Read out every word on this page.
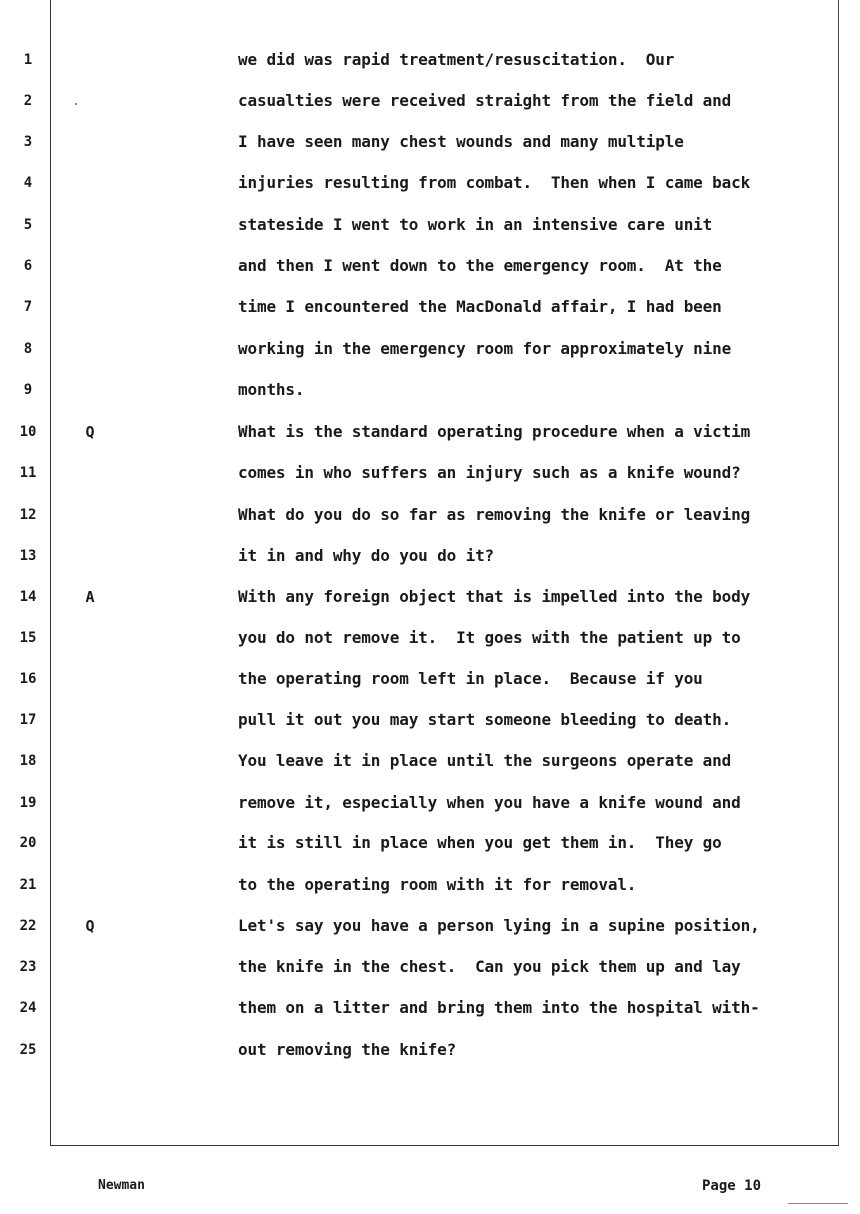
1	we did was rapid treatment/resuscitation.  Our
2	casualties were received straight from the field and
3	I have seen many chest wounds and many multiple
4	injuries resulting from combat.  Then when I came back
5	stateside I went to work in an intensive care unit
6	and then I went down to the emergency room.  At the
7	time I encountered the MacDonald affair, I had been
8	working in the emergency room for approximately nine
9	months.
10	Q	What is the standard operating procedure when a victim
11	comes in who suffers an injury such as a knife wound?
12	What do you do so far as removing the knife or leaving
13	it in and why do you do it?
14	A	With any foreign object that is impelled into the body
15	you do not remove it.  It goes with the patient up to
16	the operating room left in place.  Because if you
17	pull it out you may start someone bleeding to death.
18	You leave it in place until the surgeons operate and
19	remove it, especially when you have a knife wound and
20	it is still in place when you get them in.  They go
21	to the operating room with it for removal.
22	Q	Let's say you have a person lying in a supine position,
23	the knife in the chest.  Can you pick them up and lay
24	them on a litter and bring them into the hospital with-
25	out removing the knife?
Newman	Page 10
